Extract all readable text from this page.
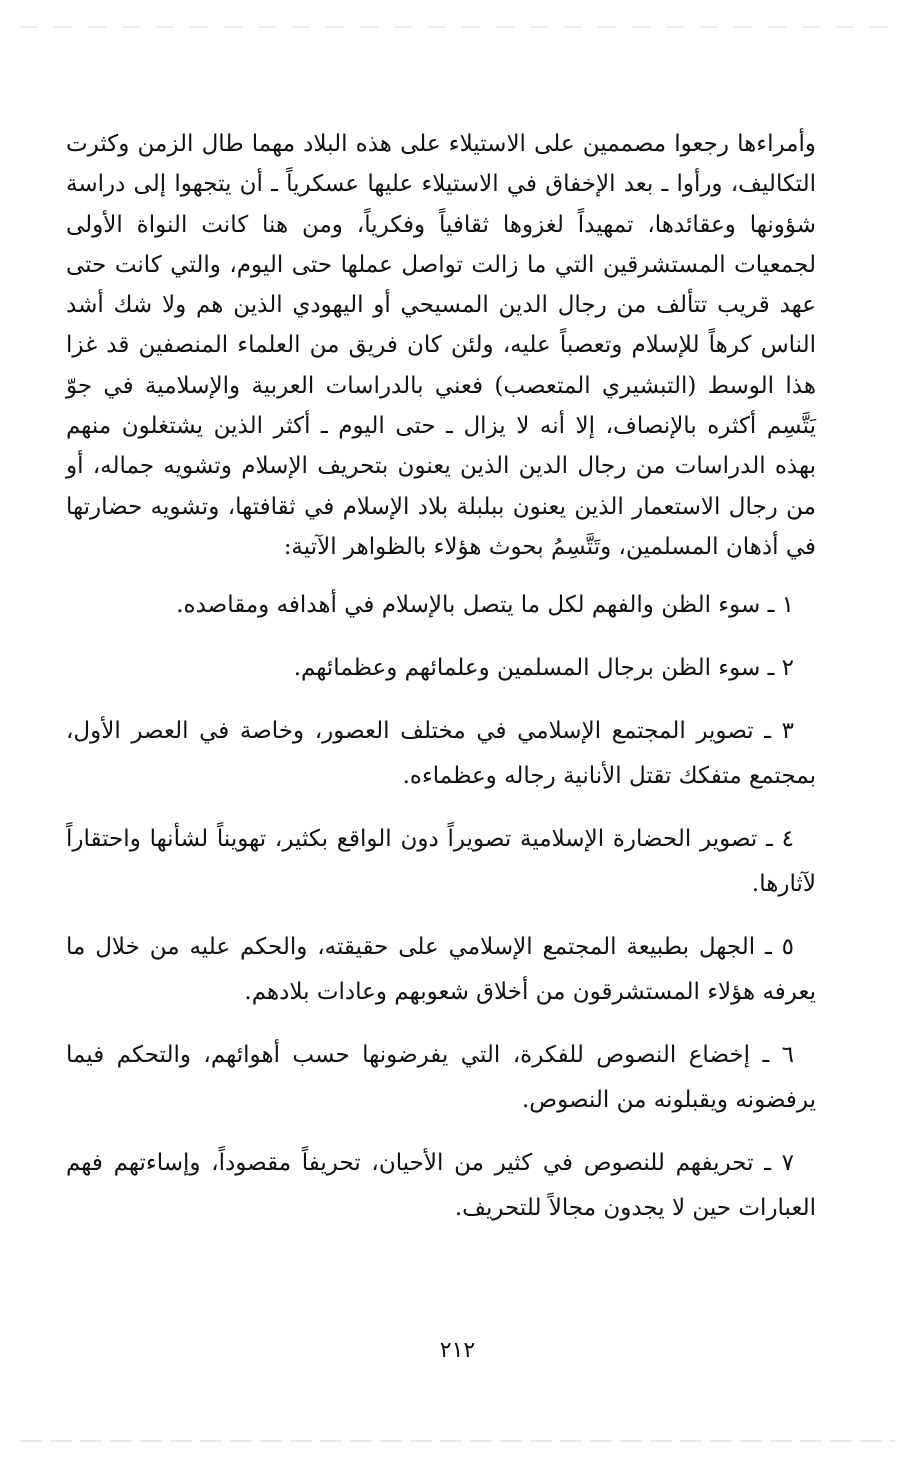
وأمراءها رجعوا مصممين على الاستيلاء على هذه البلاد مهما طال الزمن وكثرت التكاليف، ورأوا ـ بعد الإخفاق في الاستيلاء عليها عسكرياً ـ أن يتجهوا إلى دراسة شؤونها وعقائدها، تمهيداً لغزوها ثقافياً وفكرياً، ومن هنا كانت النواة الأولى لجمعيات المستشرقين التي ما زالت تواصل عملها حتى اليوم، والتي كانت حتى عهد قريب تتألف من رجال الدين المسيحي أو اليهودي الذين هم ولا شك أشد الناس كرهاً للإسلام وتعصباً عليه، ولئن كان فريق من العلماء المنصفين قد غزا هذا الوسط (التبشيري المتعصب) فعني بالدراسات العربية والإسلامية في جوّ يَتَّسِم أكثره بالإنصاف، إلا أنه لا يزال ـ حتى اليوم ـ أكثر الذين يشتغلون منهم بهذه الدراسات من رجال الدين الذين يعنون بتحريف الإسلام وتشويه جماله، أو من رجال الاستعمار الذين يعنون ببلبلة بلاد الإسلام في ثقافتها، وتشويه حضارتها في أذهان المسلمين، وتَتَّسِمُ بحوث هؤلاء بالظواهر الآتية:

١ ـ سوء الظن والفهم لكل ما يتصل بالإسلام في أهدافه ومقاصده.
٢ ـ سوء الظن برجال المسلمين وعلمائهم وعظمائهم.
٣ ـ تصوير المجتمع الإسلامي في مختلف العصور، وخاصة في العصر الأول، بمجتمع متفكك تقتل الأنانية رجاله وعظماءه.
٤ ـ تصوير الحضارة الإسلامية تصويراً دون الواقع بكثير، تهويناً لشأنها واحتقاراً لآثارها.
٥ ـ الجهل بطبيعة المجتمع الإسلامي على حقيقته، والحكم عليه من خلال ما يعرفه هؤلاء المستشرقون من أخلاق شعوبهم وعادات بلادهم.
٦ ـ إخضاع النصوص للفكرة، التي يفرضونها حسب أهوائهم، والتحكم فيما يرفضونه ويقبلونه من النصوص.
٧ ـ تحريفهم للنصوص في كثير من الأحيان، تحريفاً مقصوداً، وإساءتهم فهم العبارات حين لا يجدون مجالاً للتحريف.
٢١٢
